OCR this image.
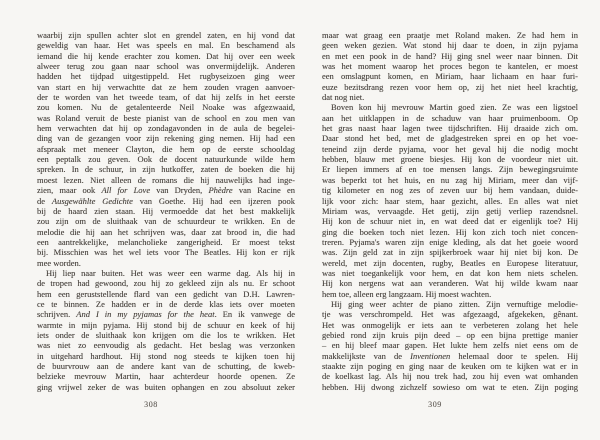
waarbij zijn spullen achter slot en grendel zaten, en hij vond dat
geweldig van haar. Het was speels en mal. En beschamend als
iemand die hij kende erachter zou komen. Dat hij over een week
alweer terug zou gaan naar school was onvermijdelijk. Anderen
hadden het tijdpad uitgestippeld. Het rugbyseizoen ging weer
van start en hij verwachtte dat ze hem zouden vragen aanvoer-
der te worden van het tweede team, of dat hij zelfs in het eerste
zou komen. Nu de getalenteerde Neil Noake was afgezwaaid,
was Roland veruit de beste pianist van de school en zou men van
hem verwachten dat hij op zondagavonden in de aula de begelei-
ding van de gezangen voor zijn rekening ging nemen. Hij had een
afspraak met meneer Clayton, die hem op de eerste schooldag
een peptalk zou geven. Ook de docent natuurkunde wilde hem
spreken. In de schuur, in zijn hutkoffer, zaten de boeken die hij
moest lezen. Niet alleen de romans die hij nauwelijks had inge-
zien, maar ook All for Love van Dryden, Phèdre van Racine en
de Ausgewählte Gedichte van Goethe. Hij had een ijzeren pook
bij de haard zien staan. Hij vermoedde dat het best makkelijk
zou zijn om de sluithaak van de schuurdeur te wrikken. En de
melodie die hij aan het schrijven was, daar zat brood in, die had
een aantrekkelijke, melancholieke zangerigheid. Er moest tekst
bij. Misschien was het wel iets voor The Beatles. Hij kon er rijk
mee worden.
Hij liep naar buiten. Het was weer een warme dag. Als hij in
de tropen had gewoond, zou hij zo gekleed zijn als nu. Er schoot
hem een geruststellende flard van een gedicht van D.H. Lawren-
ce te binnen. Ze hadden er in de derde klas iets over moeten
schrijven. And I in my pyjamas for the heat. En ik vanwege de
warmte in mijn pyjama. Hij stond bij de schuur en keek of hij
iets onder de sluithaak kon krijgen om die los te wrikken. Het
was niet zo eenvoudig als gedacht. Het beslag was verzonken
in uitgehard hardhout. Hij stond nog steeds te kijken toen hij
de buurvrouw aan de andere kant van de schutting, de kweb-
belzieke mevrouw Martin, haar achterdeur hoorde openen. Ze
ging vrijwel zeker de was buiten ophangen en zou absoluut zeker
308
maar wat graag een praatje met Roland maken. Ze had hem in
geen weken gezien. Wat stond hij daar te doen, in zijn pyjama
en met een pook in de hand? Hij ging snel weer naar binnen. Dit
was het moment waarop het proces begon te kantelen, er moest
een omslagpunt komen, en Miriam, haar lichaam en haar furi-
euze bezitsdrang rezen voor hem op, zij het niet heel krachtig,
dat nog niet.
Boven kon hij mevrouw Martin goed zien. Ze was een ligstoel
aan het uitklappen in de schaduw van haar pruimenboom. Op
het gras naast haar lagen twee tijdschriften. Hij draaide zich om.
Daar stond het bed, met de gladgestreken sprei en op het voe-
teneind zijn derde pyjama, voor het geval hij die nodig mocht
hebben, blauw met groene biesjes. Hij kon de voordeur niet uit.
Er liepen immers af en toe mensen langs. Zijn bewegingsruimte
was beperkt tot het huis, en nu zag hij Miriam, meer dan vijf-
tig kilometer en nog zes of zeven uur bij hem vandaan, duide-
lijk voor zich: haar stem, haar gezicht, alles. En alles wat niet
Miriam was, vervaagde. Het getij, zijn getij verliep razendsnel.
Hij kon de schuur niet in, en wat deed dat er eigenlijk toe? Hij
ging die boeken toch niet lezen. Hij kon zich toch niet concen-
treren. Pyjama's waren zijn enige kleding, als dat het goeie woord
was. Zijn geld zat in zijn spijkerbroek waar hij niet bij kon. De
wereld, met zijn docenten, rugby, Beatles en Europese literatuur,
was niet toegankelijk voor hem, en dat kon hem niets schelen.
Hij kon nergens wat aan veranderen. Wat hij wilde kwam naar
hem toe, alleen erg langzaam. Hij moest wachten.
Hij ging weer achter de piano zitten. Zijn vernuftige melodie-
tje was verschrompeld. Het was afgezaagd, afgekeken, gênant.
Het was onmogelijk er iets aan te verbeteren zolang het hele
gebied rond zijn kruis pijn deed – op een bijna prettige manier
– en hij bleef maar gapen. Het lukte hem zelfs niet eens om de
makkelijkste van de Inventionen helemaal door te spelen. Hij
staakte zijn poging en ging naar de keuken om te kijken wat er in
de koelkast lag. Als hij nou trek had, zou hij even wat omhanden
hebben. Hij dwong zichzelf sowieso om wat te eten. Zijn poging
309
